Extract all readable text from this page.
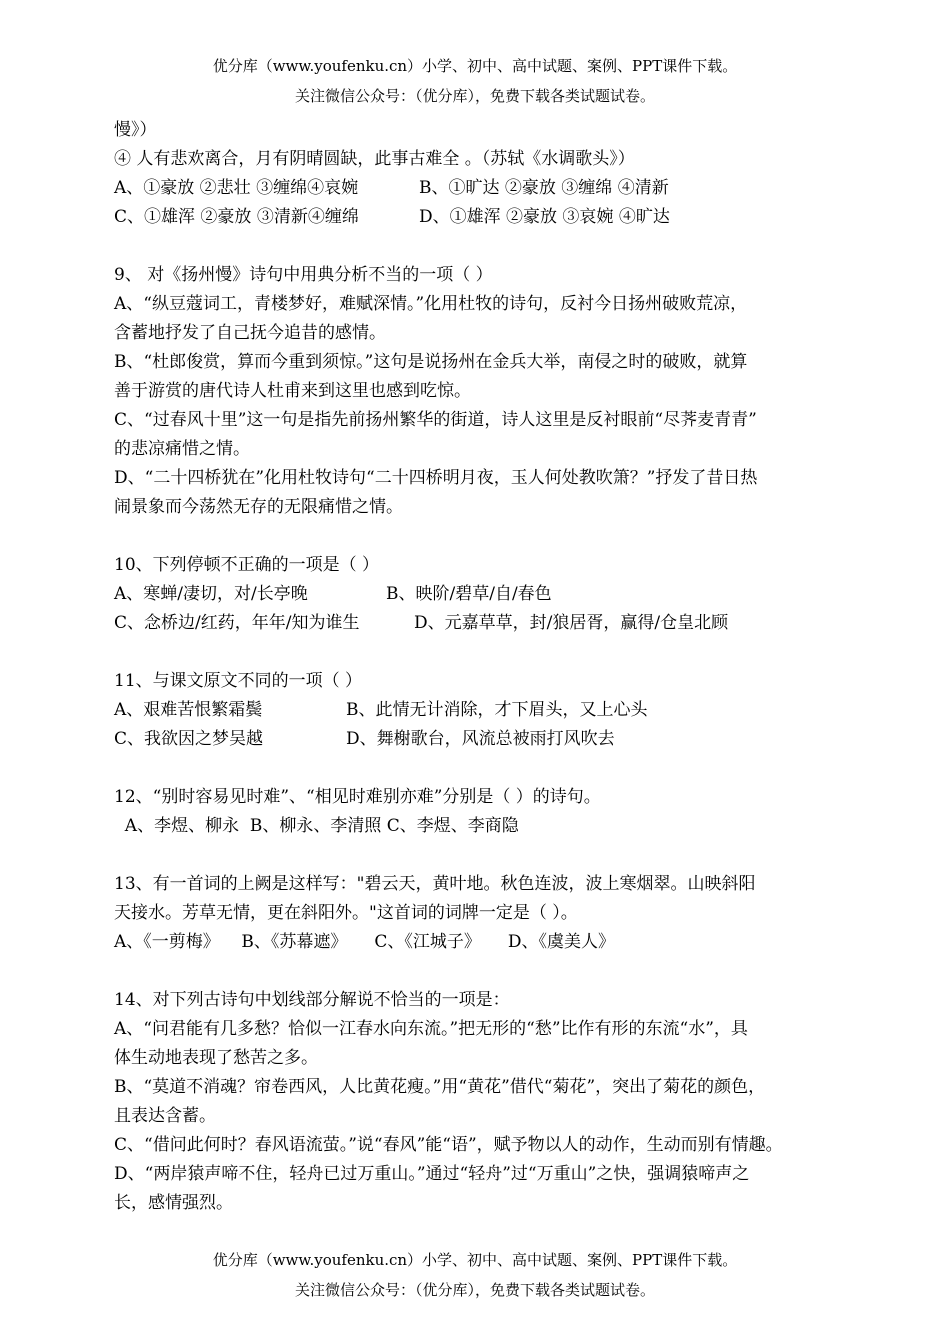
优分库（www.youfenku.cn）小学、初中、高中试题、案例、PPT课件下载。
关注微信公众号：（优分库），免费下载各类试题试卷。
慢》）
④ 人有悲欢离合，月有阴晴圆缺，此事古难全 。（苏轼《水调歌头》）
A、①豪放 ②悲壮 ③缠绵④哀婉	B、①旷达 ②豪放 ③缠绵 ④清新
C、①雄浑 ②豪放 ③清新④缠绵	D、①雄浑 ②豪放 ③哀婉 ④旷达
9、 对《扬州慢》诗句中用典分析不当的一项（ ）
A、“纵豆蔻词工，青楼梦好，难赋深情。”化用杜牧的诗句，反衬今日扬州破败荒凉，
含蓄地抒发了自己抚今追昔的感情。
B、“杜郎俊赏，算而今重到须惊。”这句是说扬州在金兵大举，南侵之时的破败，就算
善于游赏的唐代诗人杜甫来到这里也感到吃惊。
C、“过春风十里”这一句是指先前扬州繁华的街道，诗人这里是反衬眼前“尽荠麦青青”
的悲凉痛惜之情。
D、“二十四桥犹在”化用杜牧诗句“二十四桥明月夜，玉人何处教吹箫？”抒发了昔日热
闹景象而今荡然无存的无限痛惜之情。
10、下列停顿不正确的一项是（ ）
A、寒蝉/凄切，对/长亭晚	B、映阶/碧草/自/春色
C、念桥边/红药，年年/知为谁生	D、元嘉草草，封/狼居胥，赢得/仓皇北顾
11、与课文原文不同的一项（ ）
A、艰难苦恨繁霜鬓	B、此情无计消除，才下眉头，又上心头
C、我欲因之梦吴越	D、舞榭歌台，风流总被雨打风吹去
12、“别时容易见时难”、“相见时难别亦难”分别是（ ）的诗句。
A、李煜、柳永  B、柳永、李清照 C、李煜、李商隐
13、有一首词的上阙是这样写："碧云天，黄叶地。秋色连波，波上寒烟翠。山映斜阳
天接水。芳草无情，更在斜阳外。"这首词的词牌一定是（ ）。
A、《一剪梅》    B、《苏幕遮》     C、《江城子》     D、《虞美人》
14、对下列古诗句中划线部分解说不恰当的一项是：
A、“问君能有几多愁？恰似一江春水向东流。”把无形的“愁”比作有形的东流“水”，具
体生动地表现了愁苦之多。
B、“莫道不消魂？帘卷西风，人比黄花瘦。”用“黄花”借代“菊花”，突出了菊花的颜色，
且表达含蓄。
C、“借问此何时？春风语流萤。”说“春风”能“语”，赋予物以人的动作，生动而别有情趣。
D、“两岸猿声啼不住，轻舟已过万重山。”通过“轻舟”过“万重山”之快，强调猿啼声之
长，感情强烈。
优分库（www.youfenku.cn）小学、初中、高中试题、案例、PPT课件下载。
关注微信公众号：（优分库），免费下载各类试题试卷。
